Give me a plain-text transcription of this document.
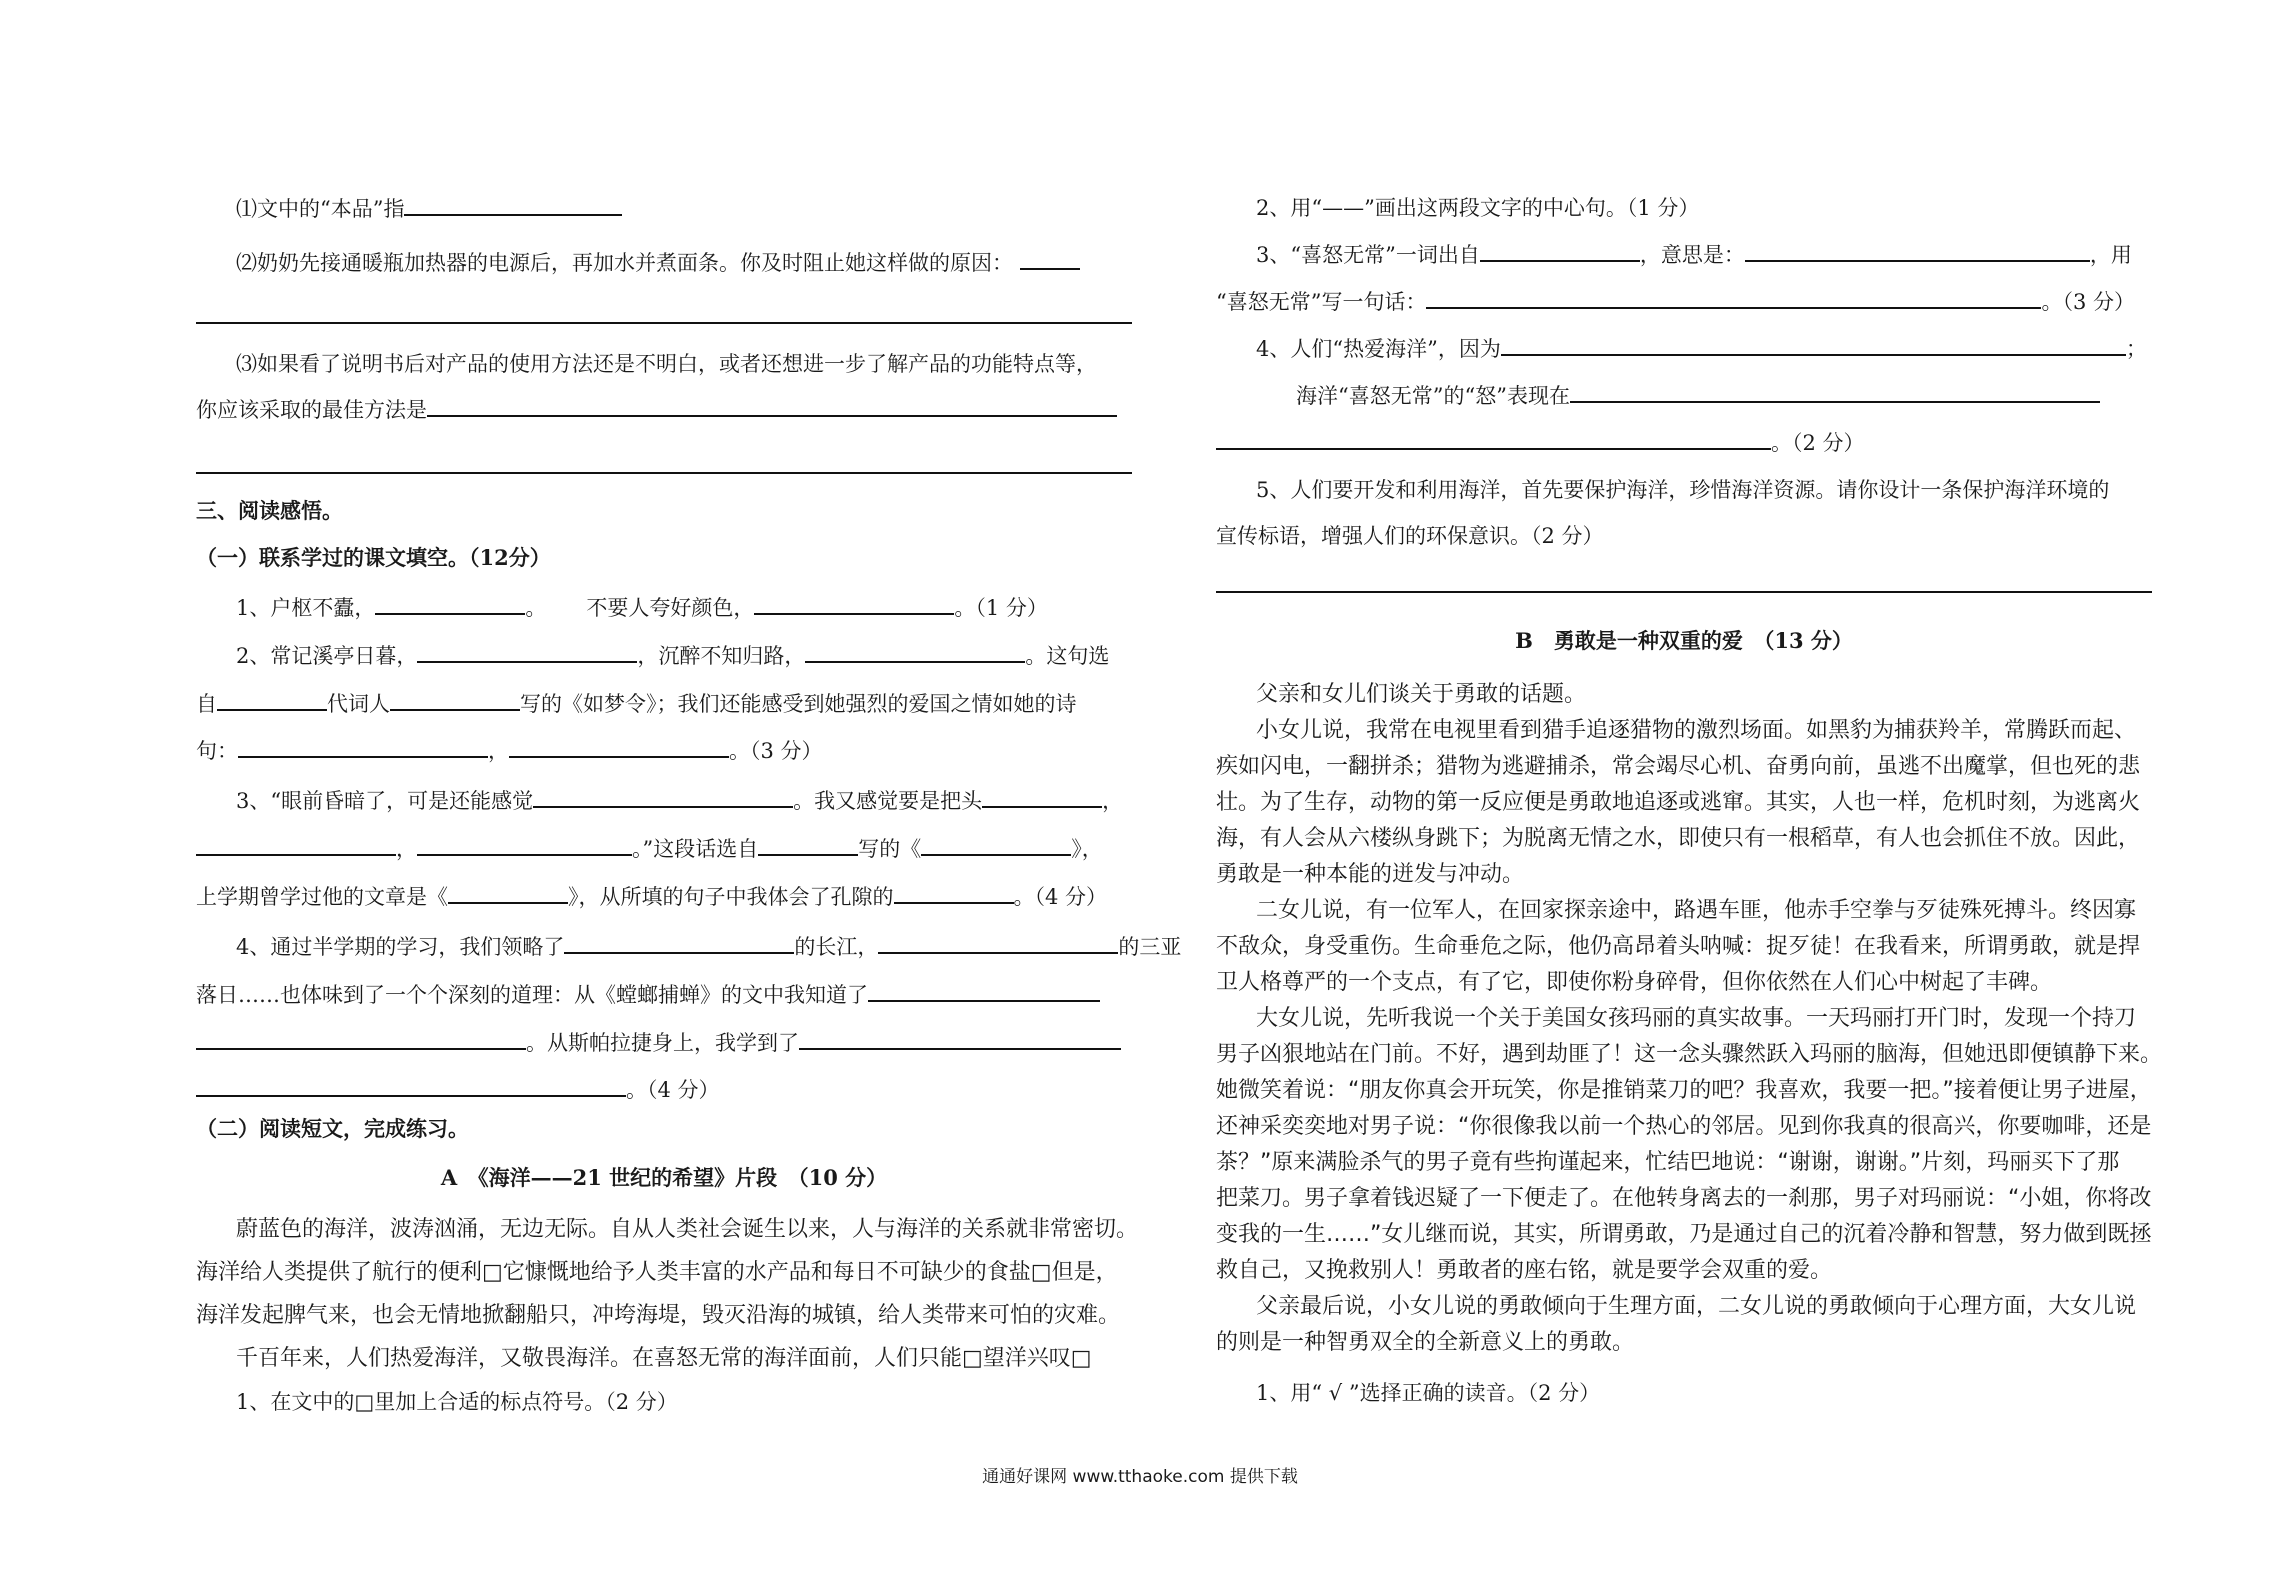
⑴文中的“本品”指
⑵奶奶先接通暖瓶加热器的电源后，再加水并煮面条。你及时阻止她这样做的原因：
⑶如果看了说明书后对产品的使用方法还是不明白，或者还想进一步了解产品的功能特点等，
你应该采取的最佳方法是
三、阅读感悟。
（一）联系学过的课文填空。（12分）
1、户枢不蠹，	。 不要人夸好颜色，	。（1 分）
2、常记溪亭日暮，	，沉醉不知归路，	。这句选
自	代词人	写的《如梦令》；我们还能感受到她强烈的爱国之情如她的诗
句：	，	。（3 分）
3、“眼前昏暗了，可是还能感觉	。我又感觉要是把头	，
，	。”这段话选自	写的《	》，
上学期曾学过他的文章是《	》，从所填的句子中我体会了孔隙的	。（4 分）
4、通过半学期的学习，我们领略了	的长江，	的三亚
落日……也体味到了一个个深刻的道理：从《螳螂捕蝉》的文中我知道了
。从斯帕拉捷身上，我学到了
。（4 分）
（二）阅读短文，完成练习。
A　《海洋——21 世纪的希望》片段　（10 分）
蔚蓝色的海洋，波涛汹涌，无边无际。自从人类社会诞生以来，人与海洋的关系就非常密切。
海洋给人类提供了航行的便利□它慷慨地给予人类丰富的水产品和每日不可缺少的食盐□但是，
海洋发起脾气来，也会无情地掀翻船只，冲垮海堤，毁灭沿海的城镇，给人类带来可怕的灾难。
千百年来，人们热爱海洋，又敬畏海洋。在喜怒无常的海洋面前，人们只能□望洋兴叹□
1、在文中的□里加上合适的标点符号。（2 分）
2、用“——”画出这两段文字的中心句。（1 分）
3、“喜怒无常”一词出自	，意思是：	，用
“喜怒无常”写一句话：	。（3 分）
4、人们“热爱海洋”，因为	；
海洋“喜怒无常”的“怒”表现在
。（2 分）
5、人们要开发和利用海洋，首先要保护海洋，珍惜海洋资源。请你设计一条保护海洋环境的
宣传标语，增强人们的环保意识。（2 分）
B　勇敢是一种双重的爱　（13 分）
父亲和女儿们谈关于勇敢的话题。
小女儿说，我常在电视里看到猎手追逐猎物的激烈场面。如黑豹为捕获羚羊，常腾跃而起、
疾如闪电，一翻拼杀；猎物为逃避捕杀，常会竭尽心机、奋勇向前，虽逃不出魔掌，但也死的悲
壮。为了生存，动物的第一反应便是勇敢地追逐或逃窜。其实，人也一样，危机时刻，为逃离火
海，有人会从六楼纵身跳下；为脱离无情之水，即使只有一根稻草，有人也会抓住不放。因此，
勇敢是一种本能的迸发与冲动。
二女儿说，有一位军人，在回家探亲途中，路遇车匪，他赤手空拳与歹徒殊死搏斗。终因寡
不敌众，身受重伤。生命垂危之际，他仍高昂着头呐喊：捉歹徒！在我看来，所谓勇敢，就是捍
卫人格尊严的一个支点，有了它，即使你粉身碎骨，但你依然在人们心中树起了丰碑。
大女儿说，先听我说一个关于美国女孩玛丽的真实故事。一天玛丽打开门时，发现一个持刀
男子凶狠地站在门前。不好，遇到劫匪了！这一念头骤然跃入玛丽的脑海，但她迅即便镇静下来。
她微笑着说：“朋友你真会开玩笑，你是推销菜刀的吧？我喜欢，我要一把。”接着便让男子进屋，
还神采奕奕地对男子说：“你很像我以前一个热心的邻居。见到你我真的很高兴，你要咖啡，还是
茶？”原来满脸杀气的男子竟有些拘谨起来，忙结巴地说：“谢谢，谢谢。”片刻，玛丽买下了那
把菜刀。男子拿着钱迟疑了一下便走了。在他转身离去的一刹那，男子对玛丽说：“小姐，你将改
变我的一生……”女儿继而说，其实，所谓勇敢，乃是通过自己的沉着冷静和智慧，努力做到既拯
救自己，又挽救别人！勇敢者的座右铭，就是要学会双重的爱。
父亲最后说，小女儿说的勇敢倾向于生理方面，二女儿说的勇敢倾向于心理方面，大女儿说
的则是一种智勇双全的全新意义上的勇敢。
1、用“ √ ”选择正确的读音。（2 分）
通通好课网 www.tthaoke.com 提供下载
